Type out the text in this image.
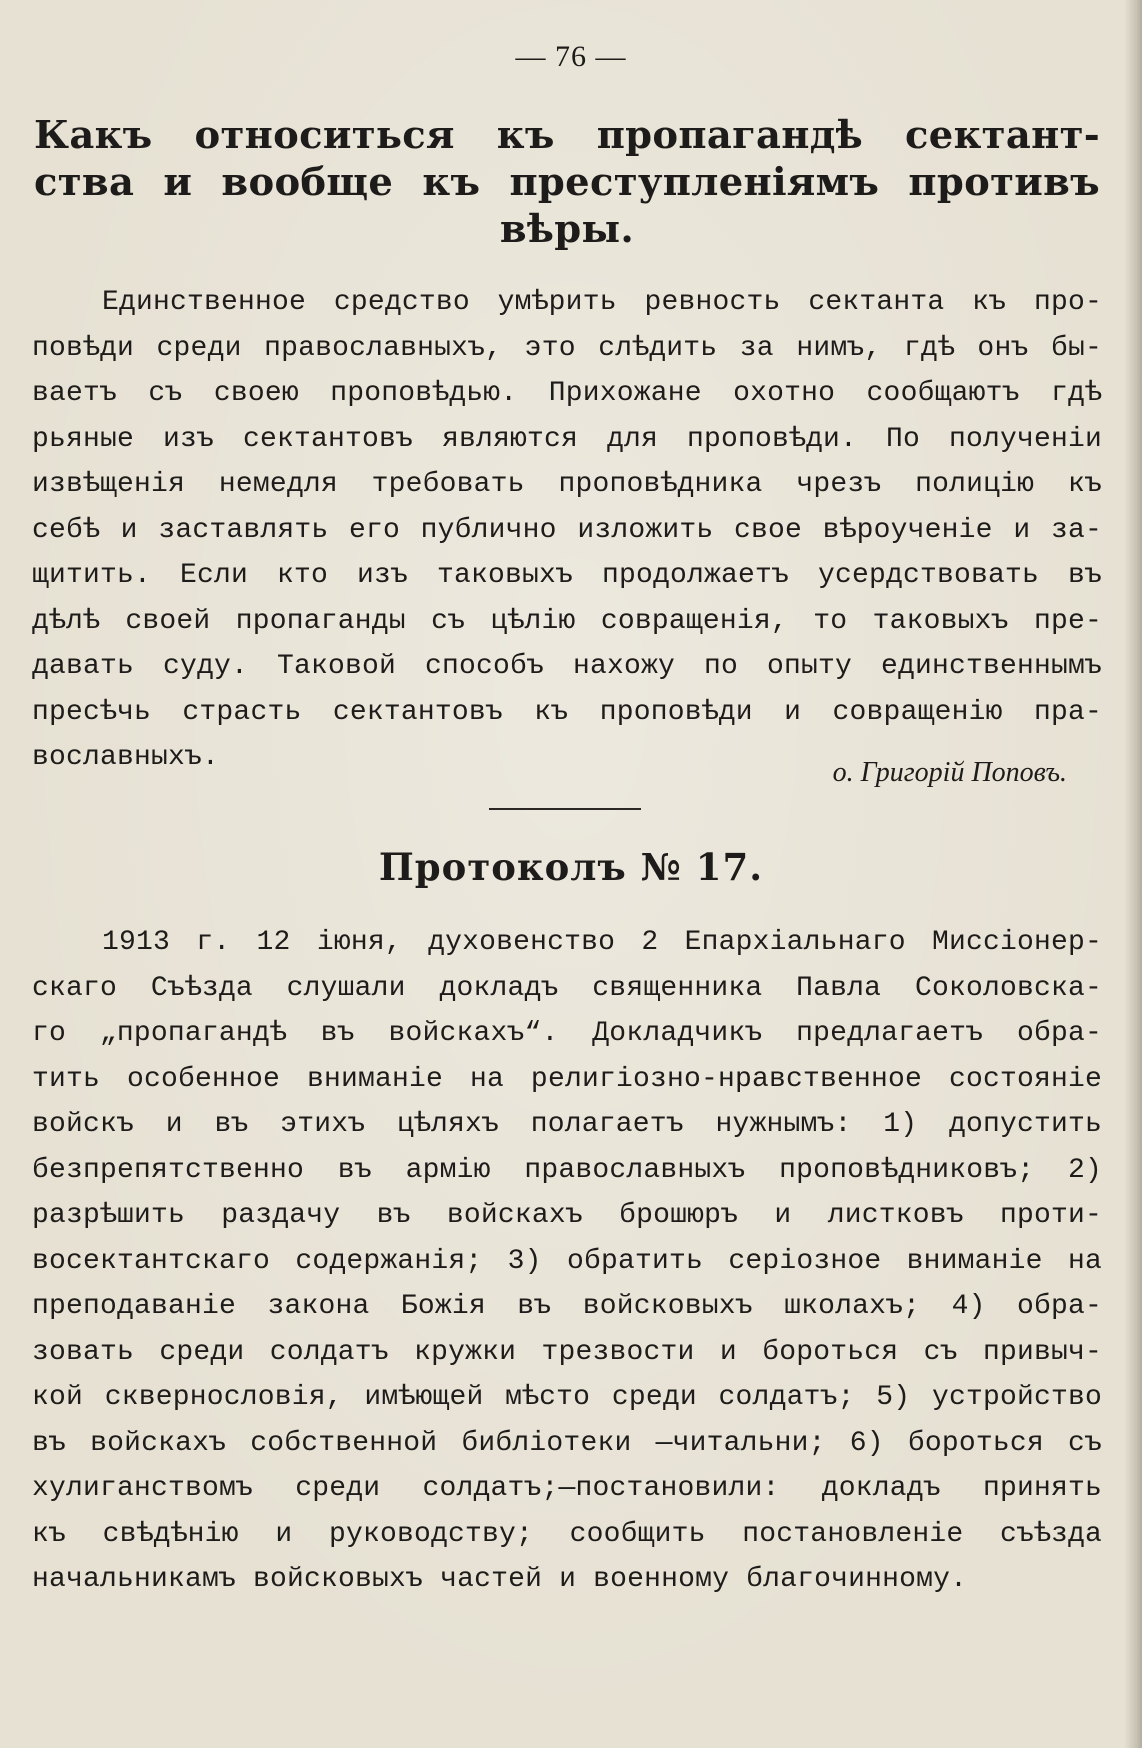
— 76 —
Какъ относиться къ пропагандѣ сектант-
ства и вообще къ преступленіямъ противъ
вѣры.
Единственное средство умѣрить ревность сектанта къ про-
повѣди среди православныхъ, это слѣдить за нимъ, гдѣ онъ бы-
ваетъ съ своею проповѣдью. Прихожане охотно сообщаютъ гдѣ
рьяные изъ сектантовъ являются для проповѣди. По полученіи
извѣщенія немедля требовать проповѣдника чрезъ полицію къ
себѣ и заставлять его публично изложить свое вѣроученіе и за-
щитить. Если кто изъ таковыхъ продолжаетъ усердствовать въ
дѣлѣ своей пропаганды съ цѣлію совращенія, то таковыхъ пре-
давать суду. Таковой способъ нахожу по опыту единственнымъ
пресѣчь страсть сектантовъ къ проповѣди и совращенію пра-
вославныхъ.	о. Григорій Поповъ.
Протоколъ № 17.
1913 г. 12 іюня, духовенство 2 Епархіальнаго Миссіонер-
скаго Съѣзда слушали докладъ священника Павла Соколовска-
го „пропагандѣ въ войскахъ“. Докладчикъ предлагаетъ обра-
тить особенное вниманіе на религіозно-нравственное состояніе
войскъ и въ этихъ цѣляхъ полагаетъ нужнымъ: 1) допустить
безпрепятственно въ армію православныхъ проповѣдниковъ; 2)
разрѣшить раздачу въ войскахъ брошюръ и листковъ проти-
восектантскаго содержанія; 3) обратить серіозное вниманіе на
преподаваніе закона Божія въ войсковыхъ школахъ; 4) обра-
зовать среди солдатъ кружки трезвости и бороться съ привыч-
кой сквернословія, имѣющей мѣсто среди солдатъ; 5) устройство
въ войскахъ собственной библіотеки —читальни; 6) бороться съ
хулиганствомъ среди солдатъ;—постановили: докладъ принять
къ свѣдѣнію и руководству; сообщить постановленіе съѣзда
начальникамъ войсковыхъ частей и военному благочинному.
